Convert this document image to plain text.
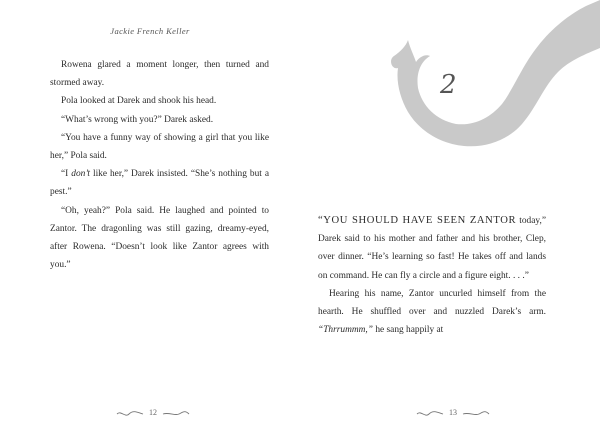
Jackie French Keller

Rowena glared a moment longer, then turned and stormed away.

Pola looked at Darek and shook his head.

“What’s wrong with you?” Darek asked.

“You have a funny way of showing a girl that you like her,” Pola said.

“I don’t like her,” Darek insisted. “She’s nothing but a pest.”

“Oh, yeah?” Pola said. He laughed and pointed to Zantor. The dragonling was still gazing, dreamy-eyed, after Rowena. “Doesn’t look like Zantor agrees with you.”

12
2

“YOU SHOULD HAVE SEEN ZANTOR today,” Darek said to his mother and father and his brother, Clep, over dinner. “He’s learning so fast! He takes off and lands on command. He can fly a circle and a figure eight. . . .”

Hearing his name, Zantor uncurled himself from the hearth. He shuffled over and nuzzled Darek’s arm. “Thrrummm,” he sang happily at

13
